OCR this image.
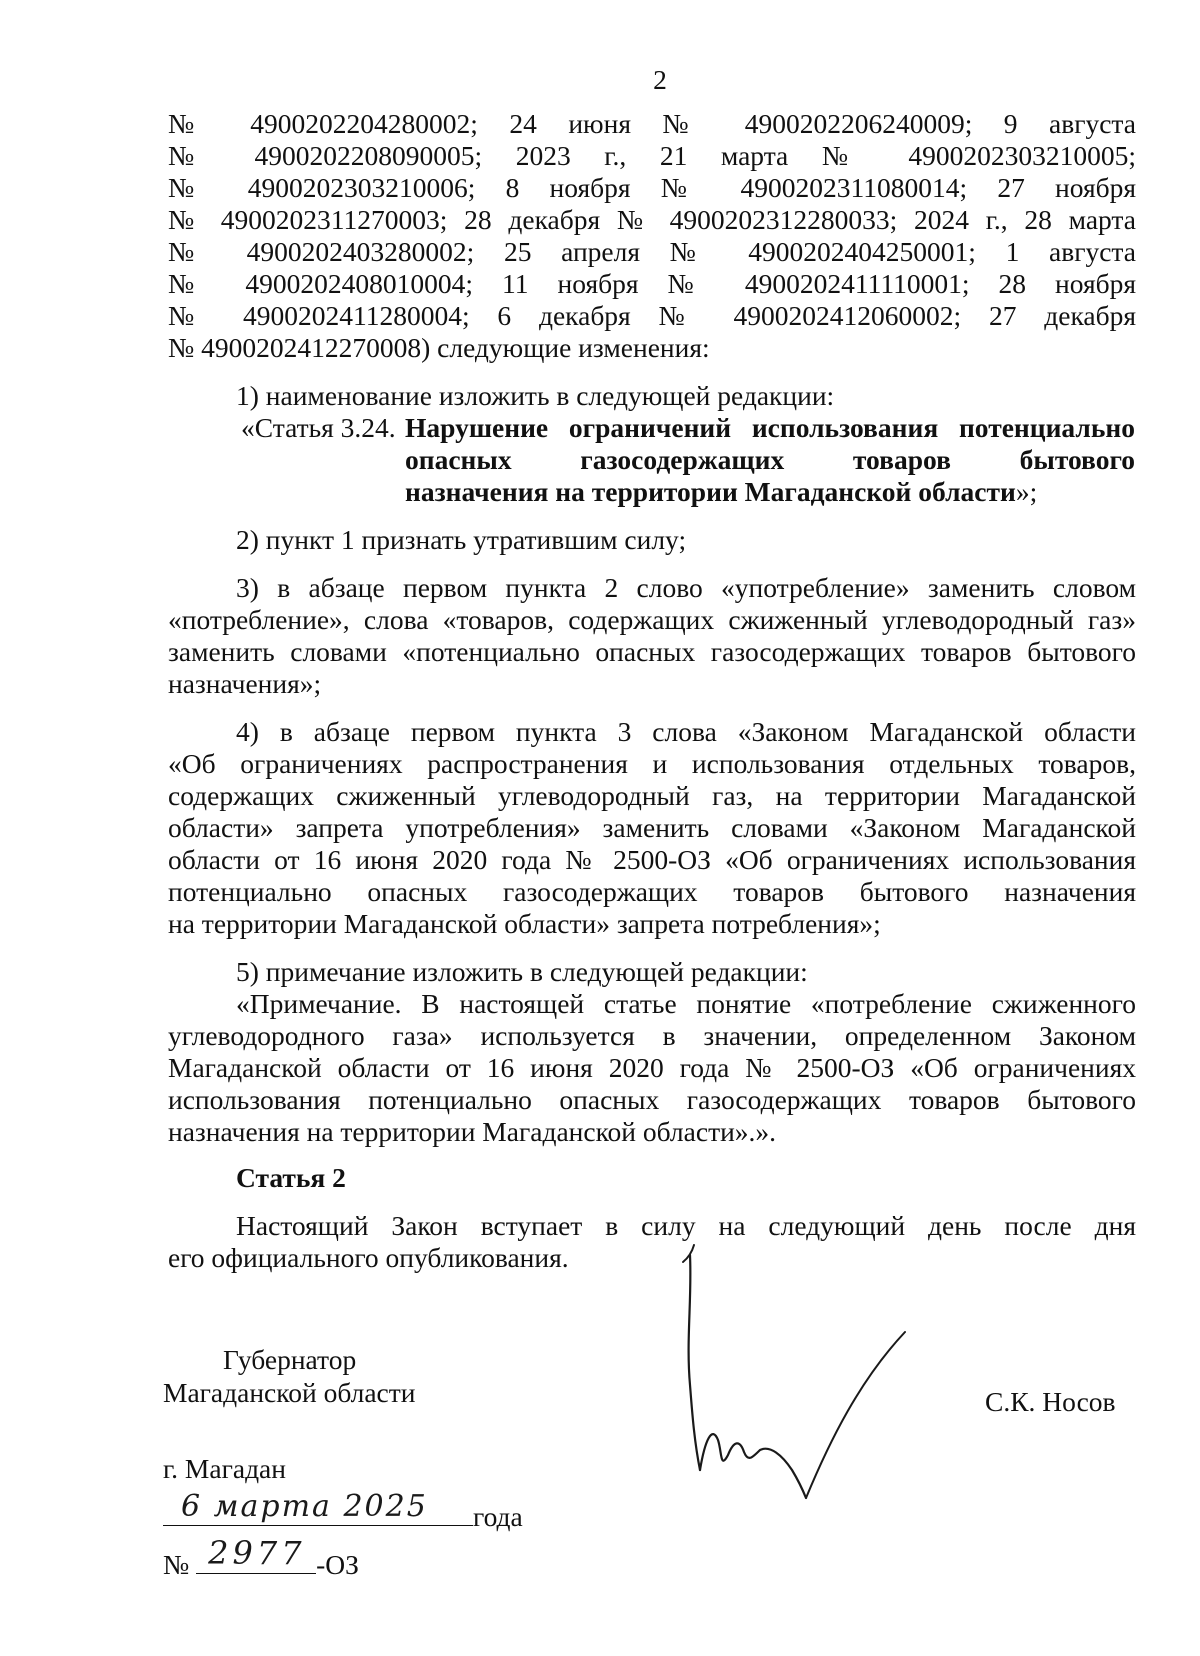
2
№ 4900202204280002; 24 июня № 4900202206240009; 9 августа
№ 4900202208090005; 2023 г., 21 марта № 4900202303210005;
№ 4900202303210006; 8 ноября № 4900202311080014; 27 ноября
№ 4900202311270003; 28 декабря № 4900202312280033; 2024 г., 28 марта
№ 4900202403280002; 25 апреля № 4900202404250001; 1 августа
№ 4900202408010004; 11 ноября № 4900202411110001; 28 ноября
№ 4900202411280004; 6 декабря № 4900202412060002; 27 декабря
№ 4900202412270008) следующие изменения:
1) наименование изложить в следующей редакции:
«Статья 3.24. Нарушение ограничений использования потенциально
опасных газосодержащих товаров бытового
назначения на территории Магаданской области»;
2) пункт 1 признать утратившим силу;
3) в абзаце первом пункта 2 слово «употребление» заменить словом
«потребление», слова «товаров, содержащих сжиженный углеводородный газ»
заменить словами «потенциально опасных газосодержащих товаров бытового
назначения»;
4) в абзаце первом пункта 3 слова «Законом Магаданской области
«Об ограничениях распространения и использования отдельных товаров,
содержащих сжиженный углеводородный газ, на территории Магаданской
области» запрета употребления» заменить словами «Законом Магаданской
области от 16 июня 2020 года № 2500-ОЗ «Об ограничениях использования
потенциально опасных газосодержащих товаров бытового назначения
на территории Магаданской области» запрета потребления»;
5) примечание изложить в следующей редакции:
«Примечание. В настоящей статье понятие «потребление сжиженного
углеводородного газа» используется в значении, определенном Законом
Магаданской области от 16 июня 2020 года № 2500-ОЗ «Об ограничениях
использования потенциально опасных газосодержащих товаров бытового
назначения на территории Магаданской области».».
Статья 2
Настоящий Закон вступает в силу на следующий день после дня
его официального опубликования.
Губернатор
Магаданской области	С.К. Носов
г. Магадан
6 марта 2025 года
№ 2977 -ОЗ
